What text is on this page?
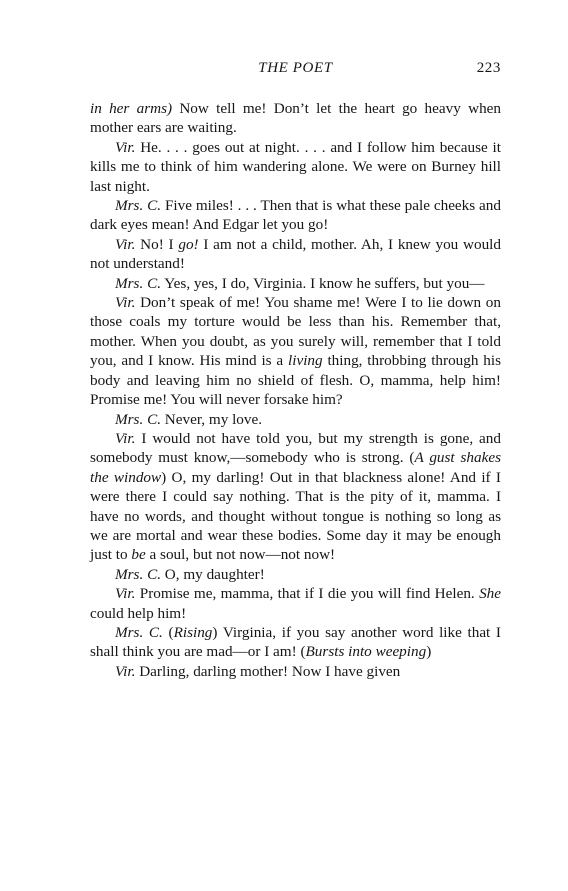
THE POET	223

in her arms) Now tell me! Don’t let the heart go heavy when mother ears are waiting.

Vir. He. . . . goes out at night. . . . and I follow him because it kills me to think of him wandering alone. We were on Burney hill last night.

Mrs. C. Five miles! . . . Then that is what these pale cheeks and dark eyes mean! And Edgar let you go!

Vir. No! I go! I am not a child, mother. Ah, I knew you would not understand!

Mrs. C. Yes, yes, I do, Virginia. I know he suffers, but you—

Vir. Don’t speak of me! You shame me! Were I to lie down on those coals my torture would be less than his. Remember that, mother. When you doubt, as you surely will, remember that I told you, and I know. His mind is a living thing, throbbing through his body and leaving him no shield of flesh. O, mamma, help him! Promise me! You will never forsake him?

Mrs. C. Never, my love.

Vir. I would not have told you, but my strength is gone, and somebody must know,—somebody who is strong. (A gust shakes the window) O, my darling! Out in that blackness alone! And if I were there I could say nothing. That is the pity of it, mamma. I have no words, and thought without tongue is nothing so long as we are mortal and wear these bodies. Some day it may be enough just to be a soul, but not now—not now!

Mrs. C. O, my daughter!

Vir. Promise me, mamma, that if I die you will find Helen. She could help him!

Mrs. C. (Rising) Virginia, if you say another word like that I shall think you are mad—or I am! (Bursts into weeping)

Vir. Darling, darling mother! Now I have given
